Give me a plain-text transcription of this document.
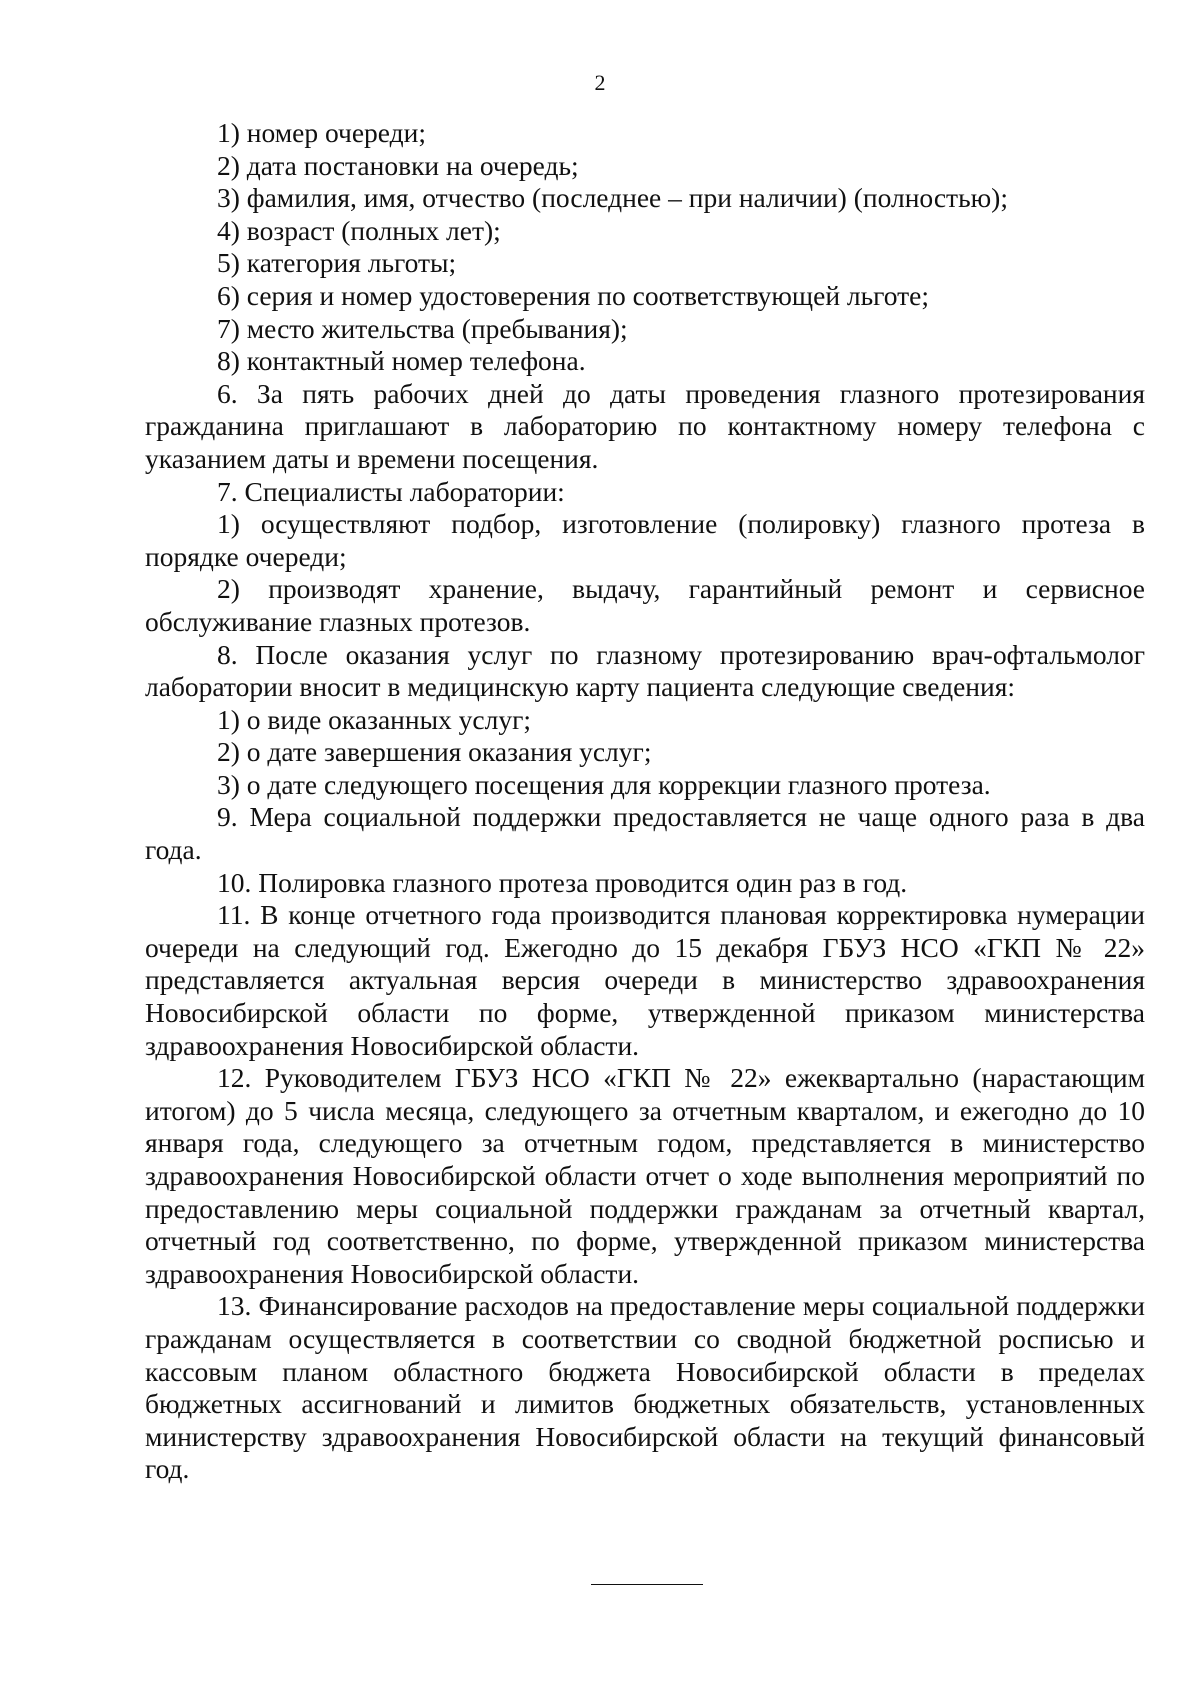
2

1) номер очереди;

2) дата постановки на очередь;

3) фамилия, имя, отчество (последнее – при наличии) (полностью);

4) возраст (полных лет);

5) категория льготы;

6) серия и номер удостоверения по соответствующей льготе;

7) место жительства (пребывания);

8) контактный номер телефона.

6. За пять рабочих дней до даты проведения глазного протезирования гражданина приглашают в лабораторию по контактному номеру телефона с указанием даты и времени посещения.

7. Специалисты лаборатории:

1) осуществляют подбор, изготовление (полировку) глазного протеза в порядке очереди;

2) производят хранение, выдачу, гарантийный ремонт и сервисное обслуживание глазных протезов.

8. После оказания услуг по глазному протезированию врач-офтальмолог лаборатории вносит в медицинскую карту пациента следующие сведения:

1) о виде оказанных услуг;

2) о дате завершения оказания услуг;

3) о дате следующего посещения для коррекции глазного протеза.

9. Мера социальной поддержки предоставляется не чаще одного раза в два года.

10. Полировка глазного протеза проводится один раз в год.

11. В конце отчетного года производится плановая корректировка нумерации очереди на следующий год. Ежегодно до 15 декабря ГБУЗ НСО «ГКП № 22» представляется актуальная версия очереди в министерство здравоохранения Новосибирской области по форме, утвержденной приказом министерства здравоохранения Новосибирской области.

12. Руководителем ГБУЗ НСО «ГКП № 22» ежеквартально (нарастающим итогом) до 5 числа месяца, следующего за отчетным кварталом, и ежегодно до 10 января года, следующего за отчетным годом, представляется в министерство здравоохранения Новосибирской области отчет о ходе выполнения мероприятий по предоставлению меры социальной поддержки гражданам за отчетный квартал, отчетный год соответственно, по форме, утвержденной приказом министерства здравоохранения Новосибирской области.

13. Финансирование расходов на предоставление меры социальной поддержки гражданам осуществляется в соответствии со сводной бюджетной росписью и кассовым планом областного бюджета Новосибирской области в пределах бюджетных ассигнований и лимитов бюджетных обязательств, установленных министерству здравоохранения Новосибирской области на текущий финансовый год.
